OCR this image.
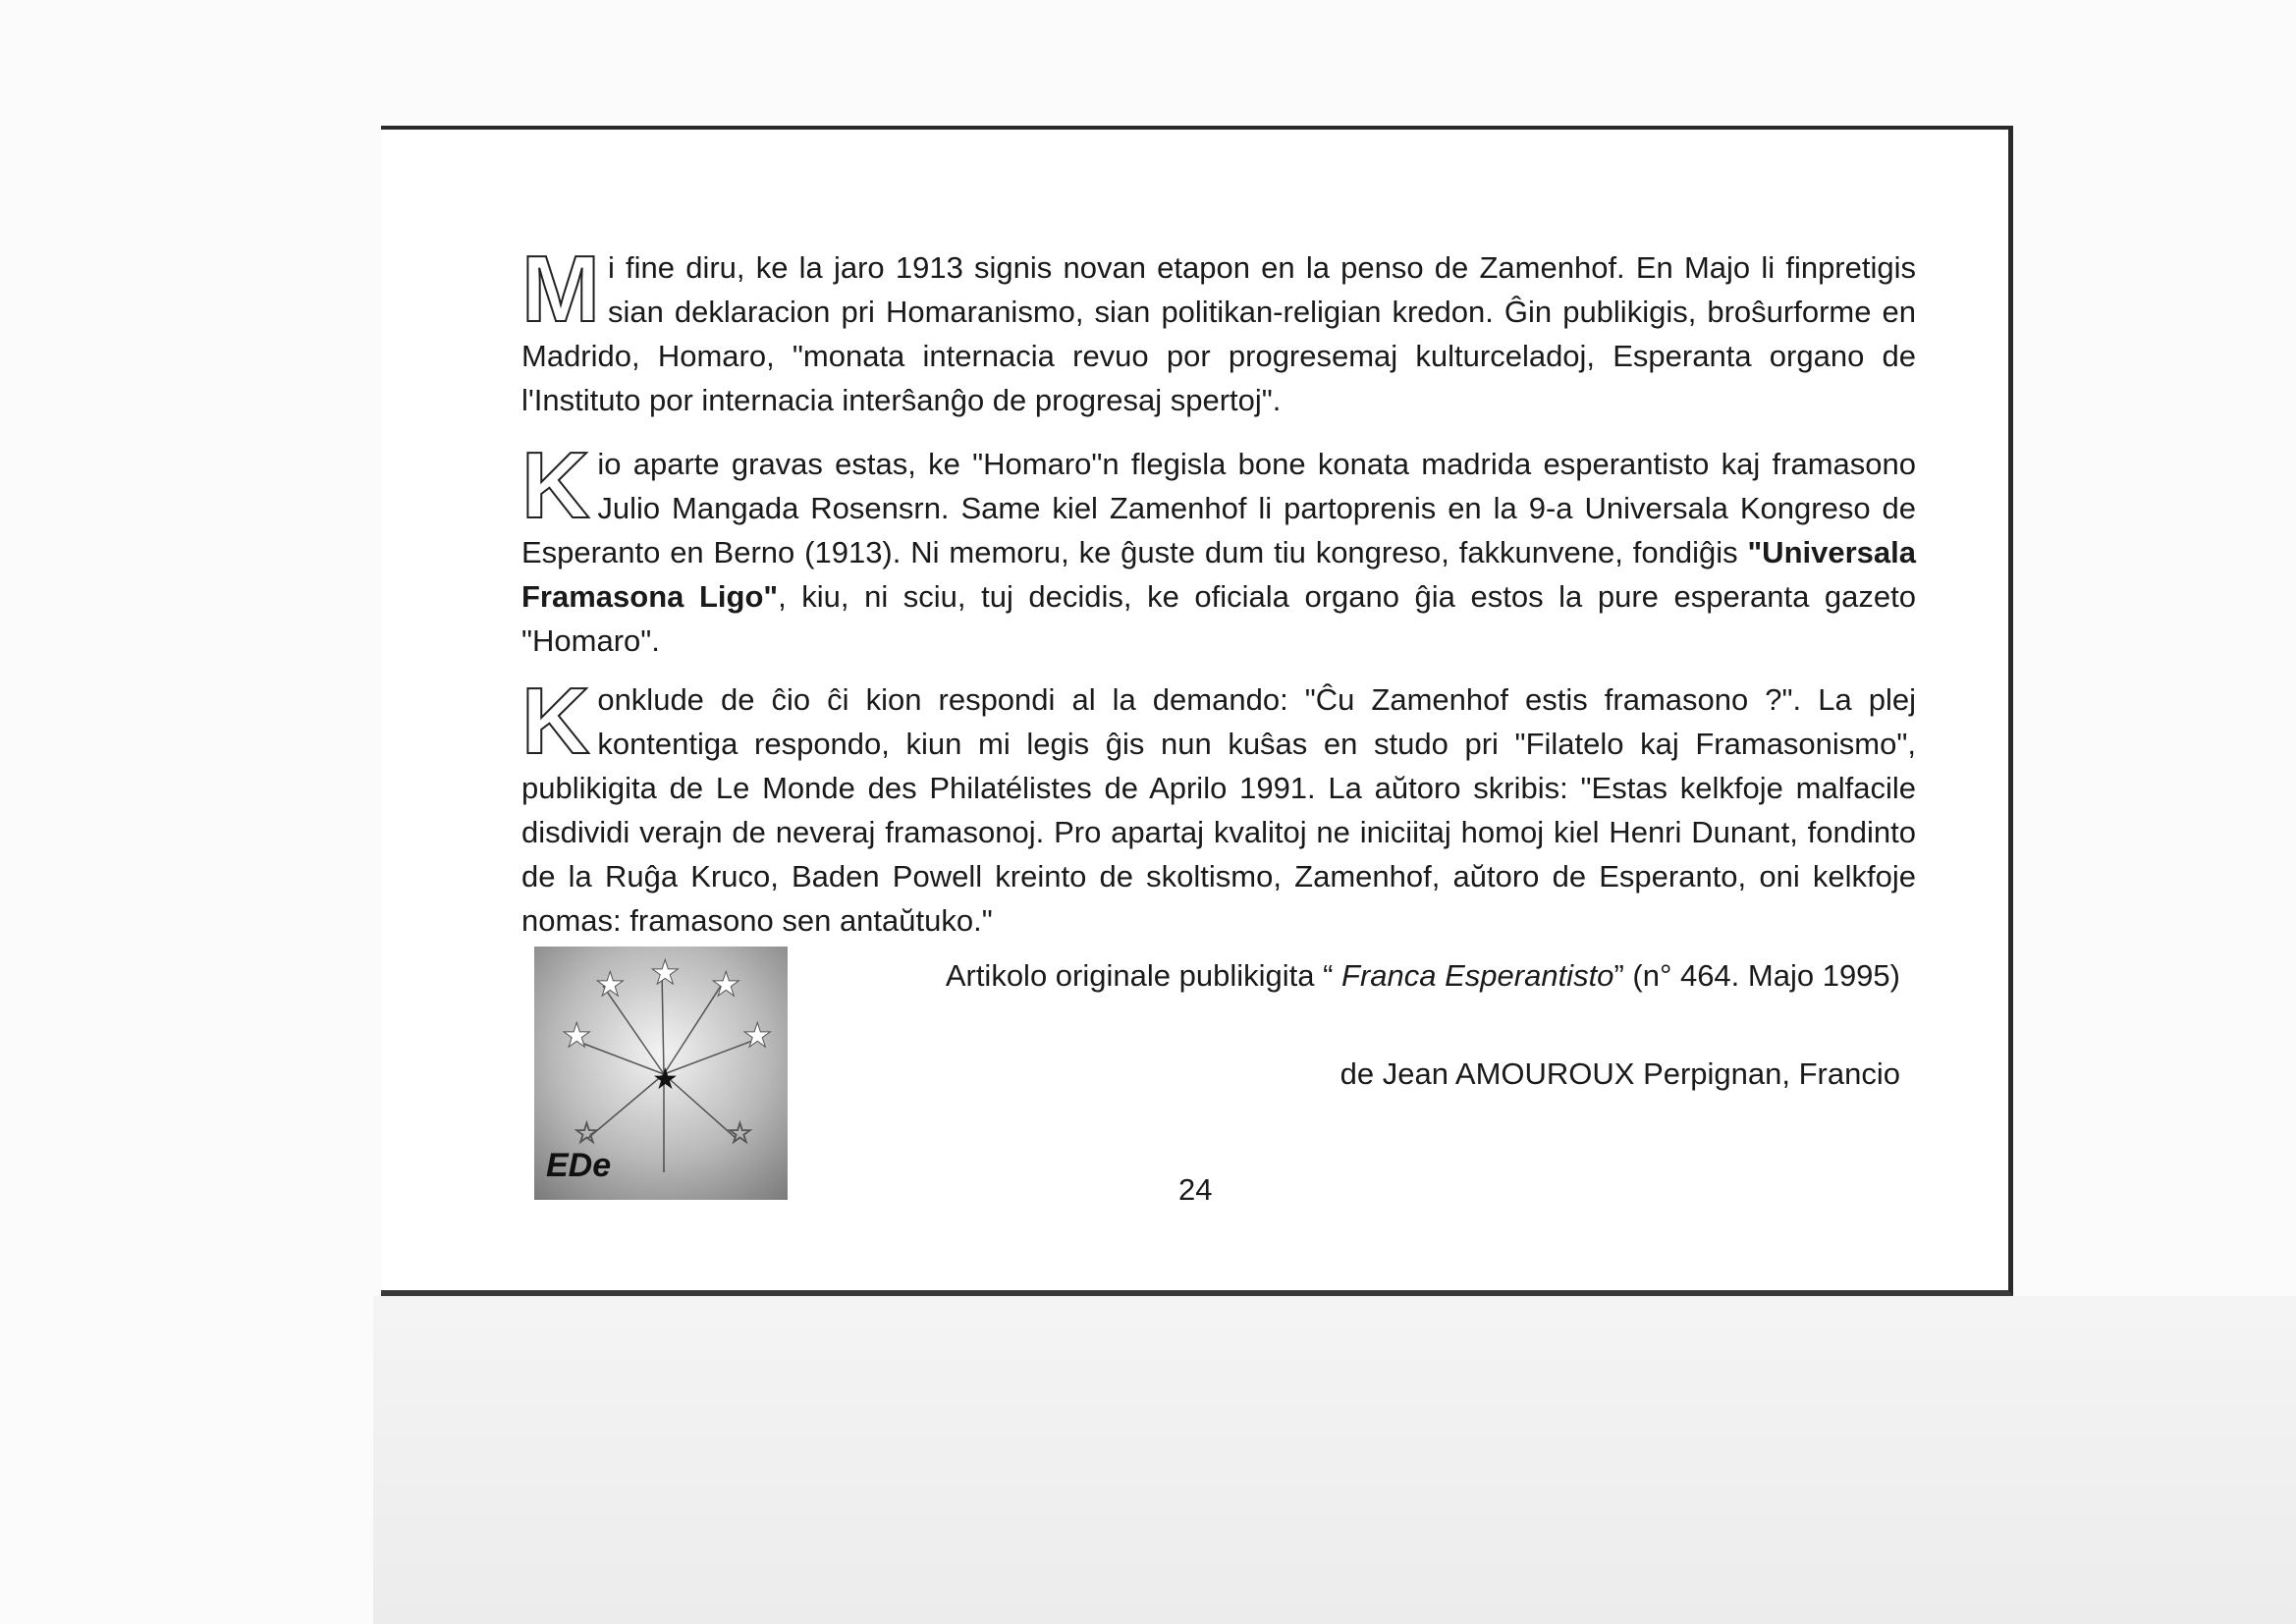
Mi fine diru, ke la jaro 1913 signis novan etapon en la penso de Zamenhof. En Majo li finpretigis sian deklaracion pri Homaranismo, sian politikan-religian kredon. Ĝin publikigis, broŝurforme en Madrido, Homaro, "monata internacia revuo por progresemaj kulturceladoj, Esperanta organo de l'Instituto por internacia interŝanĝo de progresaj spertoj".

Kio aparte gravas estas, ke "Homaro"n flegisla bone konata madrida esperantisto kaj framasono Julio Mangada Rosensrn. Same kiel Zamenhof li partoprenis en la 9-a Universala Kongreso de Esperanto en Berno (1913). Ni memoru, ke ĝuste dum tiu kongreso, fakkunvene, fondiĝis "Universala Framasona Ligo", kiu, ni sciu, tuj decidis, ke oficiala organo ĝia estos la pure esperanta gazeto "Homaro".

Konklude de ĉio ĉi kion respondi al la demando: "Ĉu Zamenhof estis framasono ?". La plej kontentiga respondo, kiun mi legis ĝis nun kuŝas en studo pri "Filatelo kaj Framasonismo", publikigita de Le Monde des Philatélistes de Aprilo 1991. La aŭtoro skribis: "Estas kelkfoje malfacile disdividi verajn de neveraj framasonoj. Pro apartaj kvalitoj ne iniciitaj homoj kiel Henri Dunant, fondinto de la Ruĝa Kruco, Baden Powell kreinto de skoltismo, Zamenhof, aŭtoro de Esperanto, oni kelkfoje nomas: framasono sen antaŭtuko."

★ ★ ★
★	★
☆	☆
★
EDe
Artikolo originale publikigita “ Franca Esperantisto” (n° 464. Majo 1995)
de Jean AMOUROUX Perpignan, Francio
24
